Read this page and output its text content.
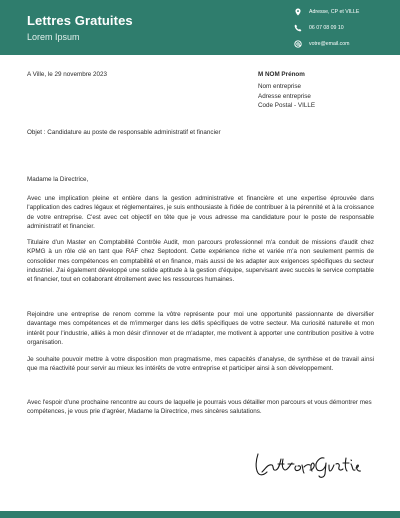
Lettres Gratuites
Lorem Ipsum
Adresse, CP et VILLE
06 07 08 09 10
votre@email.com
A Ville, le 29 novembre 2023	M NOM Prénom
Nom entreprise
Adresse entreprise
Code Postal - VILLE
Objet : Candidature au poste de responsable administratif et financier
Madame la Directrice,
Avec une implication pleine et entière dans la gestion administrative et financière et une expertise éprouvée dans l'application des cadres légaux et réglementaires, je suis enthousiaste à l'idée de contribuer à la pérennité et à la croissance de votre entreprise. C'est avec cet objectif en tête que je vous adresse ma candidature pour le poste de responsable administratif et financier.
Titulaire d'un Master en Comptabilité Contrôle Audit, mon parcours professionnel m'a conduit de missions d'audit chez KPMG à un rôle clé en tant que RAF chez Septodont. Cette expérience riche et variée m'a non seulement permis de consolider mes compétences en comptabilité et en finance, mais aussi de les adapter aux exigences spécifiques du secteur industriel. J'ai également développé une solide aptitude à la gestion d'équipe, supervisant avec succès le service comptable et financier, tout en collaborant étroitement avec les ressources humaines.
Rejoindre une entreprise de renom comme la vôtre représente pour moi une opportunité passionnante de diversifier davantage mes compétences et de m'immerger dans les défis spécifiques de votre secteur. Ma curiosité naturelle et mon intérêt pour l'industrie, alliés à mon désir d'innover et de m'adapter, me motivent à apporter une contribution positive à votre organisation.
Je souhaite pouvoir mettre à votre disposition mon pragmatisme, mes capacités d'analyse, de synthèse et de travail ainsi que ma réactivité pour servir au mieux les intérêts de votre entreprise et participer ainsi à son développement.
Avec l'espoir d'une prochaine rencontre au cours de laquelle je pourrais vous détailler mon parcours et vous démontrer mes compétences, je vous prie d'agréer, Madame la Directrice, mes sincères salutations.
